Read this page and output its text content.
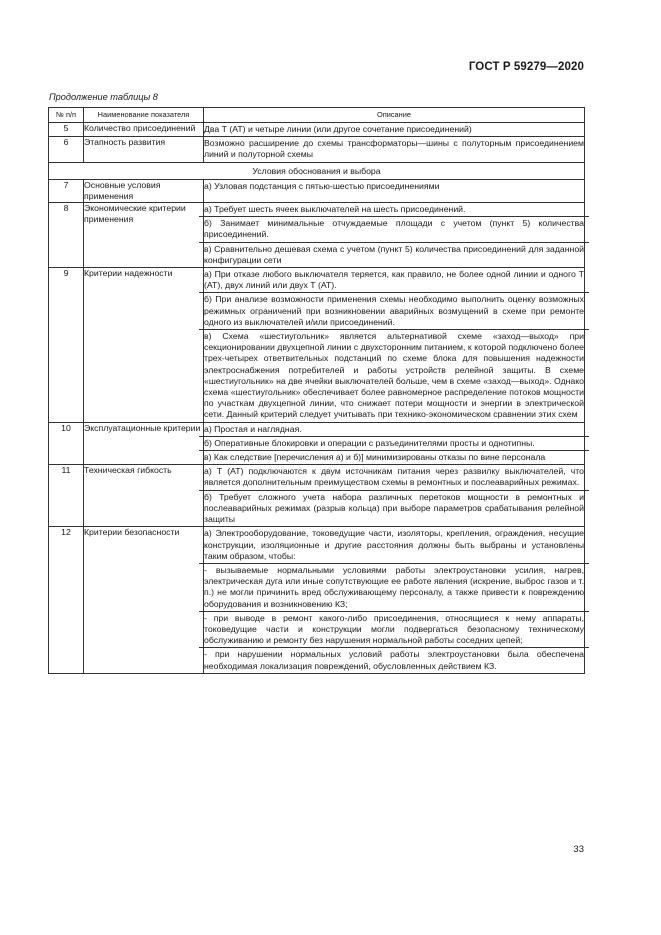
ГОСТ Р 59279—2020
Продолжение таблицы 8
№ п/п	Наименование показателя	Описание
5	Количество присоединений	Два Т (АТ) и четыре линии (или другое сочетание присоединений)

6	Этапность развития	Возможно расширение до схемы трансформаторы—шины с полуторным присоединением линий и полуторной схемы

Условия обоснования и выбора		
7	Основные условия применения	а) Узловая подстанция с пятью-шестью присоединениями

8	Экономические критерии применения	а) Требует шесть ячеек выключателей на шесть присоединений.

б) Занимает минимальные отчуждаемые площади с учетом (пункт 5) количества присоединений.

в) Сравнительно дешевая схема с учетом (пункт 5) количества присоединений для заданной конфигурации сети

9	Критерии надежности	а) При отказе любого выключателя теряется, как правило, не более одной линии и одного Т (АТ), двух линий или двух Т (АТ).

б) При анализе возможности применения схемы необходимо выполнить оценку возможных режимных ограничений при возникновении аварийных возмущений в схеме при ремонте одного из выключателей и/или присоединений.

в) Схема «шестиугольник» является альтернативой схеме «заход—выход» при секционировании двухцепной линии с двухсторонним питанием, к которой подключено более трех-четырех ответвительных подстанций по схеме блока для повышения надежности электроснабжения потребителей и работы устройств релейной защиты. В схеме «шестиугольник» на две ячейки выключателей больше, чем в схеме «заход—выход». Однако схема «шестиугольник» обеспечивает более равномерное распределение потоков мощности по участкам двухцепной линии, что снижает потери мощности и энергии в электрической сети. Данный критерий следует учитывать при технико-экономическом сравнении этих схем

10	Эксплуатационные критерии	а) Простая и наглядная.

б) Оперативные блокировки и операции с разъединителями просты и однотипны.

в) Как следствие [перечисления а) и б)] минимизированы отказы по вине персонала

11	Техническая гибкость	а) Т (АТ) подключаются к двум источникам питания через развилку выключателей, что является дополнительным преимуществом схемы в ремонтных и послеаварийных режимах.

б) Требует сложного учета набора различных перетоков мощности в ремонтных и послеаварийных режимах (разрыв кольца) при выборе параметров срабатывания релейной защиты

12	Критерии безопасности	а) Электрооборудование, токоведущие части, изоляторы, крепления, ограждения, несущие конструкции, изоляционные и другие расстояния должны быть выбраны и установлены таким образом, чтобы:

- вызываемые нормальными условиями работы электроустановки усилия, нагрев, электрическая дуга или иные сопутствующие ее работе явления (искрение, выброс газов и т. п.) не могли причинить вред обслуживающему персоналу, а также привести к повреждению оборудования и возникновению КЗ;

- при выводе в ремонт какого-либо присоединения, относящиеся к нему аппараты, токоведущие части и конструкции могли подвергаться безопасному техническому обслуживанию и ремонту без нарушения нормальной работы соседних цепей;

- при нарушении нормальных условий работы электроустановки была обеспечена необходимая локализация повреждений, обусловленных действием КЗ.

33
